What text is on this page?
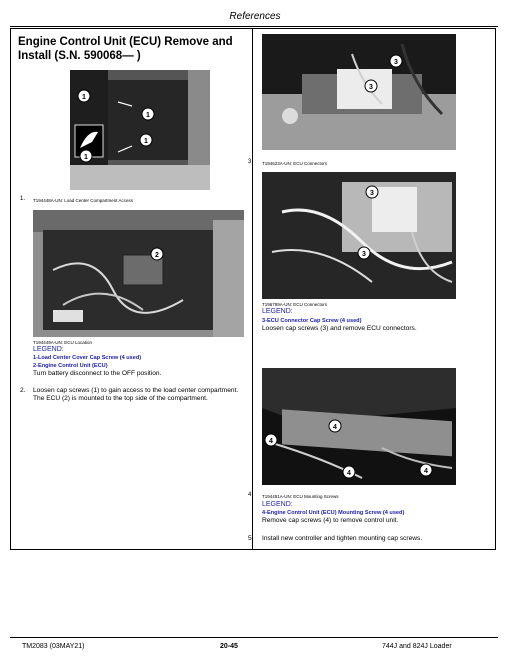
References
Engine Control Unit (ECU) Remove and Install (S.N. 590068— )
1
1
1
1
1. T194448A-UN: Load Center Compartment Access
2
T194449A-UN: ECU Location
LEGEND:
1-Load Center Cover Cap Screw (4 used)
2-Engine Control Unit (ECU)
Turn battery disconnect to the OFF position.
2. Loosen cap screws (1) to gain access to the load center compartment. The ECU (2) is mounted to the top side of the compartment.
3
3
3. T194623A-UN: ECU Connectors
3
3
T196799A-UN: ECU Connectors
LEGEND:
3-ECU Connector Cap Screw (4 used)
Loosen cap screws (3) and remove ECU connectors.
4
4
4	4
4. T194451A-UN: ECU Mounting Screws
LEGEND:
4-Engine Control Unit (ECU) Mounting Screw (4 used)
Remove cap screws (4) to remove control unit.
5. Install new controller and tighten mounting cap screws.
TM2083 (03MAY21)	20-45	744J and 824J Loader
